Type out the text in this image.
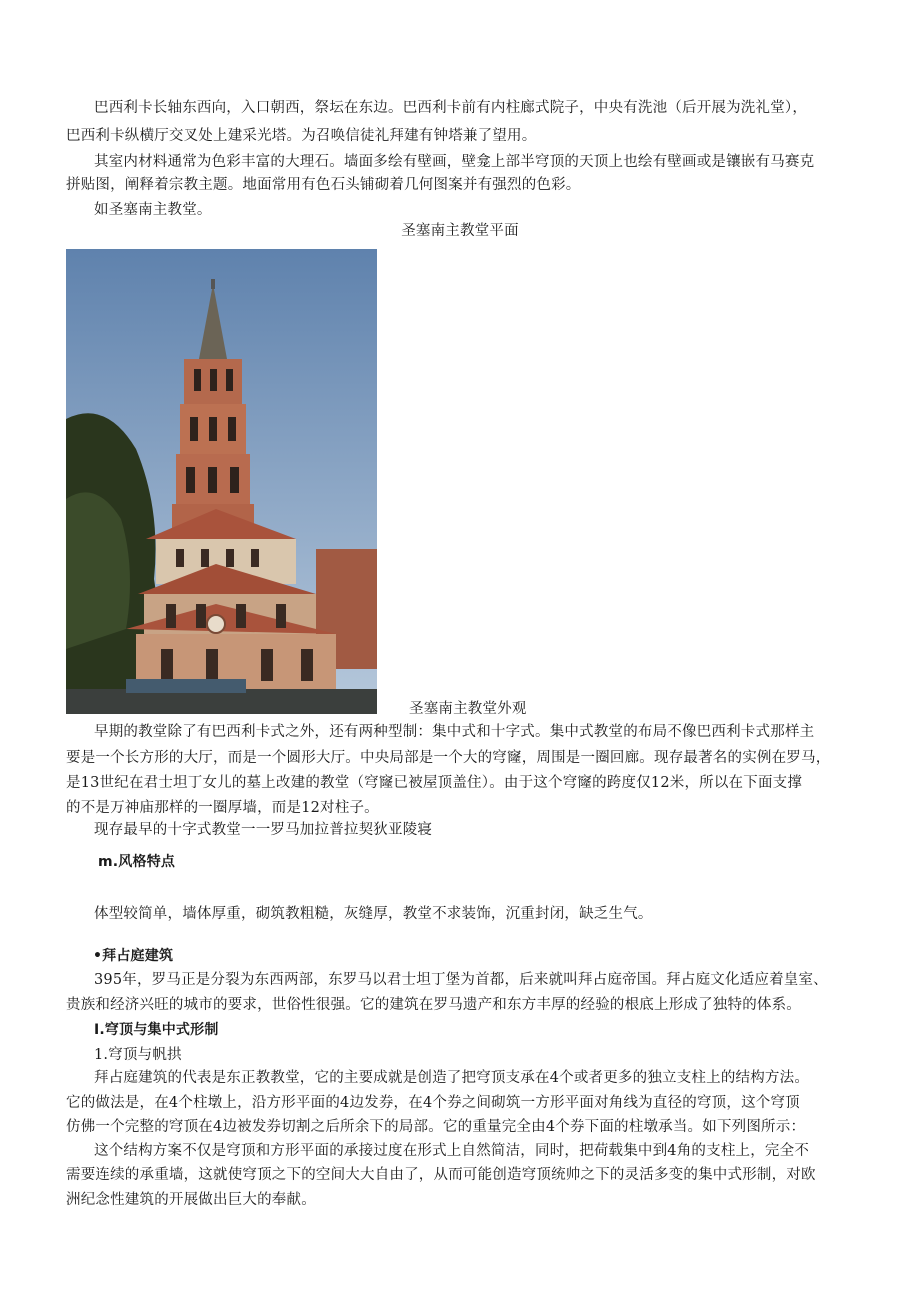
巴西利卡长轴东西向，入口朝西，祭坛在东边。巴西利卡前有内柱廊式院子，中央有洗池（后开展为洗礼堂），
巴西利卡纵横厅交叉处上建采光塔。为召唤信徒礼拜建有钟塔兼了望用。
其室内材料通常为色彩丰富的大理石。墙面多绘有壁画，壁龛上部半穹顶的天顶上也绘有壁画或是镶嵌有马赛克
拼贴图，阐释着宗教主题。地面常用有色石头铺砌着几何图案并有强烈的色彩。
如圣塞南主教堂。
圣塞南主教堂平面
圣塞南主教堂外观
早期的教堂除了有巴西利卡式之外，还有两种型制：集中式和十字式。集中式教堂的布局不像巴西利卡式那样主
要是一个长方形的大厅，而是一个圆形大厅。中央局部是一个大的穹窿，周围是一圈回廊。现存最著名的实例在罗马，
是13世纪在君士坦丁女儿的墓上改建的教堂（穹窿已被屋顶盖住）。由于这个穹窿的跨度仅12米，所以在下面支撑
的不是万神庙那样的一圈厚墙，而是12对柱子。
现存最早的十字式教堂一一罗马加拉普拉契狄亚陵寝
m.风格特点
体型较简单，墙体厚重，砌筑教粗糙，灰缝厚，教堂不求装饰，沉重封闭，缺乏生气。
•拜占庭建筑
395年，罗马正是分裂为东西两部，东罗马以君士坦丁堡为首都，后来就叫拜占庭帝国。拜占庭文化适应着皇室、
贵族和经济兴旺的城市的要求，世俗性很强。它的建筑在罗马遗产和东方丰厚的经验的根底上形成了独特的体系。
Ⅰ.穹顶与集中式形制
1.穹顶与帆拱
拜占庭建筑的代表是东正教教堂，它的主要成就是创造了把穹顶支承在4个或者更多的独立支柱上的结构方法。
它的做法是，在4个柱墩上，沿方形平面的4边发券，在4个券之间砌筑一方形平面对角线为直径的穹顶，这个穹顶
仿佛一个完整的穹顶在4边被发券切割之后所余下的局部。它的重量完全由4个券下面的柱墩承当。如下列图所示：
这个结构方案不仅是穹顶和方形平面的承接过度在形式上自然简洁，同时，把荷载集中到4角的支柱上，完全不
需要连续的承重墙，这就使穹顶之下的空间大大自由了，从而可能创造穹顶统帅之下的灵活多变的集中式形制，对欧
洲纪念性建筑的开展做出巨大的奉献。
